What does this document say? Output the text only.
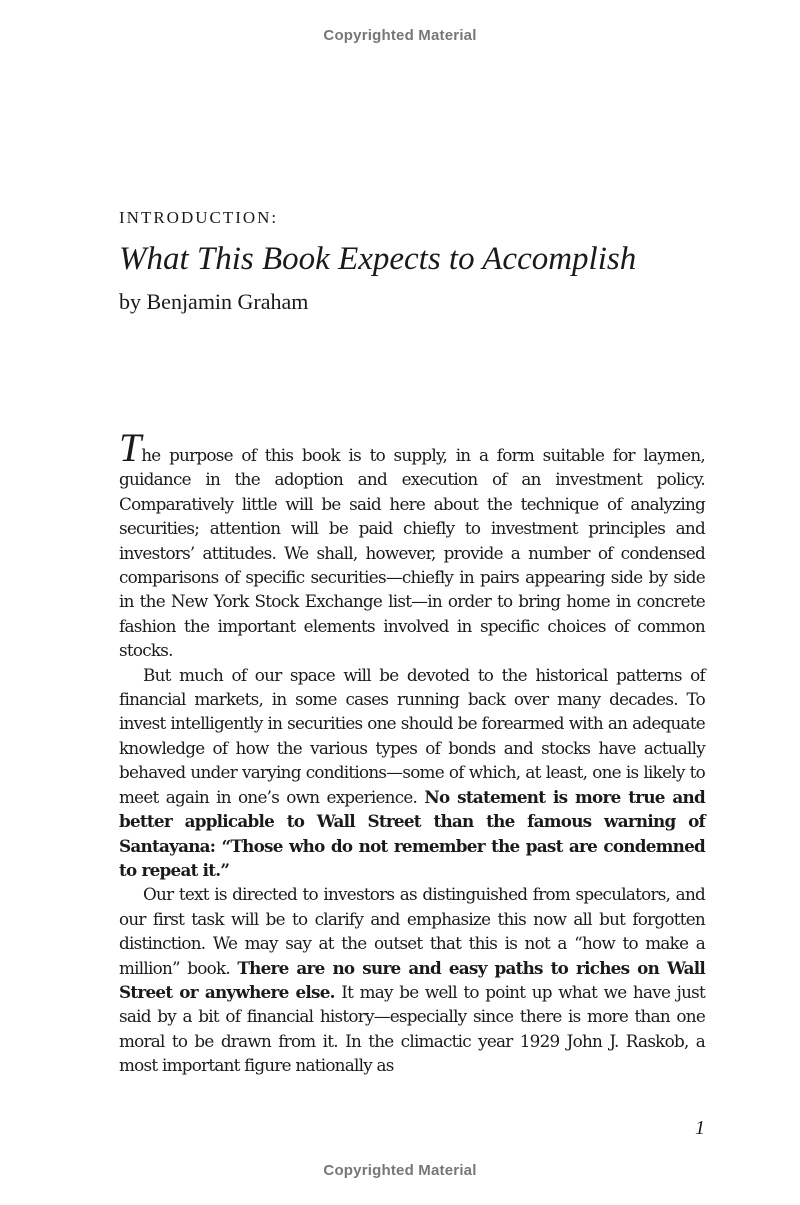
Copyrighted Material
INTRODUCTION:
What This Book Expects to Accomplish
by Benjamin Graham

The purpose of this book is to supply, in a form suitable for laymen, guidance in the adoption and execution of an investment policy. Comparatively little will be said here about the technique of analyzing securities; attention will be paid chiefly to investment principles and investors’ attitudes. We shall, however, provide a number of condensed comparisons of specific securities—chiefly in pairs appearing side by side in the New York Stock Exchange list—in order to bring home in concrete fashion the important elements involved in specific choices of common stocks.

But much of our space will be devoted to the historical patterns of financial markets, in some cases running back over many decades. To invest intelligently in securities one should be forearmed with an adequate knowledge of how the various types of bonds and stocks have actually behaved under varying conditions—some of which, at least, one is likely to meet again in one’s own experience. No statement is more true and better applicable to Wall Street than the famous warning of Santayana: “Those who do not remember the past are condemned to repeat it.”

Our text is directed to investors as distinguished from speculators, and our first task will be to clarify and emphasize this now all but forgotten distinction. We may say at the outset that this is not a “how to make a million” book. There are no sure and easy paths to riches on Wall Street or anywhere else. It may be well to point up what we have just said by a bit of financial history—especially since there is more than one moral to be drawn from it. In the climactic year 1929 John J. Raskob, a most important figure nationally as

1
Copyrighted Material
